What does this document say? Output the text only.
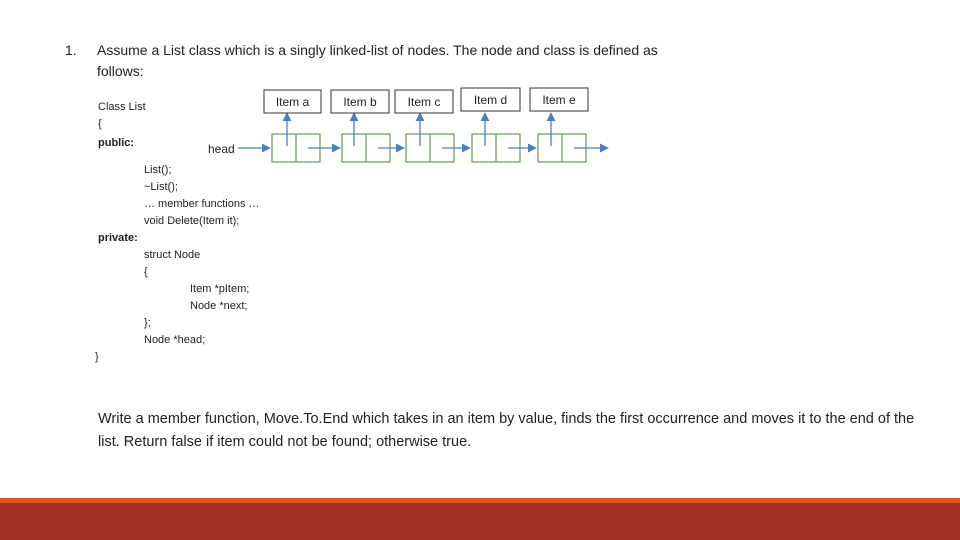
1. Assume a List class which is a singly linked-list of nodes. The node and class is defined as follows:
Class List
{
public:
List();
~List();
… member functions …
void Delete(Item it);
private:
struct Node
{
Item *pItem;
Node *next;
};
Node *head;
}
head
Item a	Item b	Item c	Item d	Item e
Write a member function, Move.To.End which takes in an item by value, finds the first occurrence and moves it to the end of the list. Return false if item could not be found; otherwise true.
